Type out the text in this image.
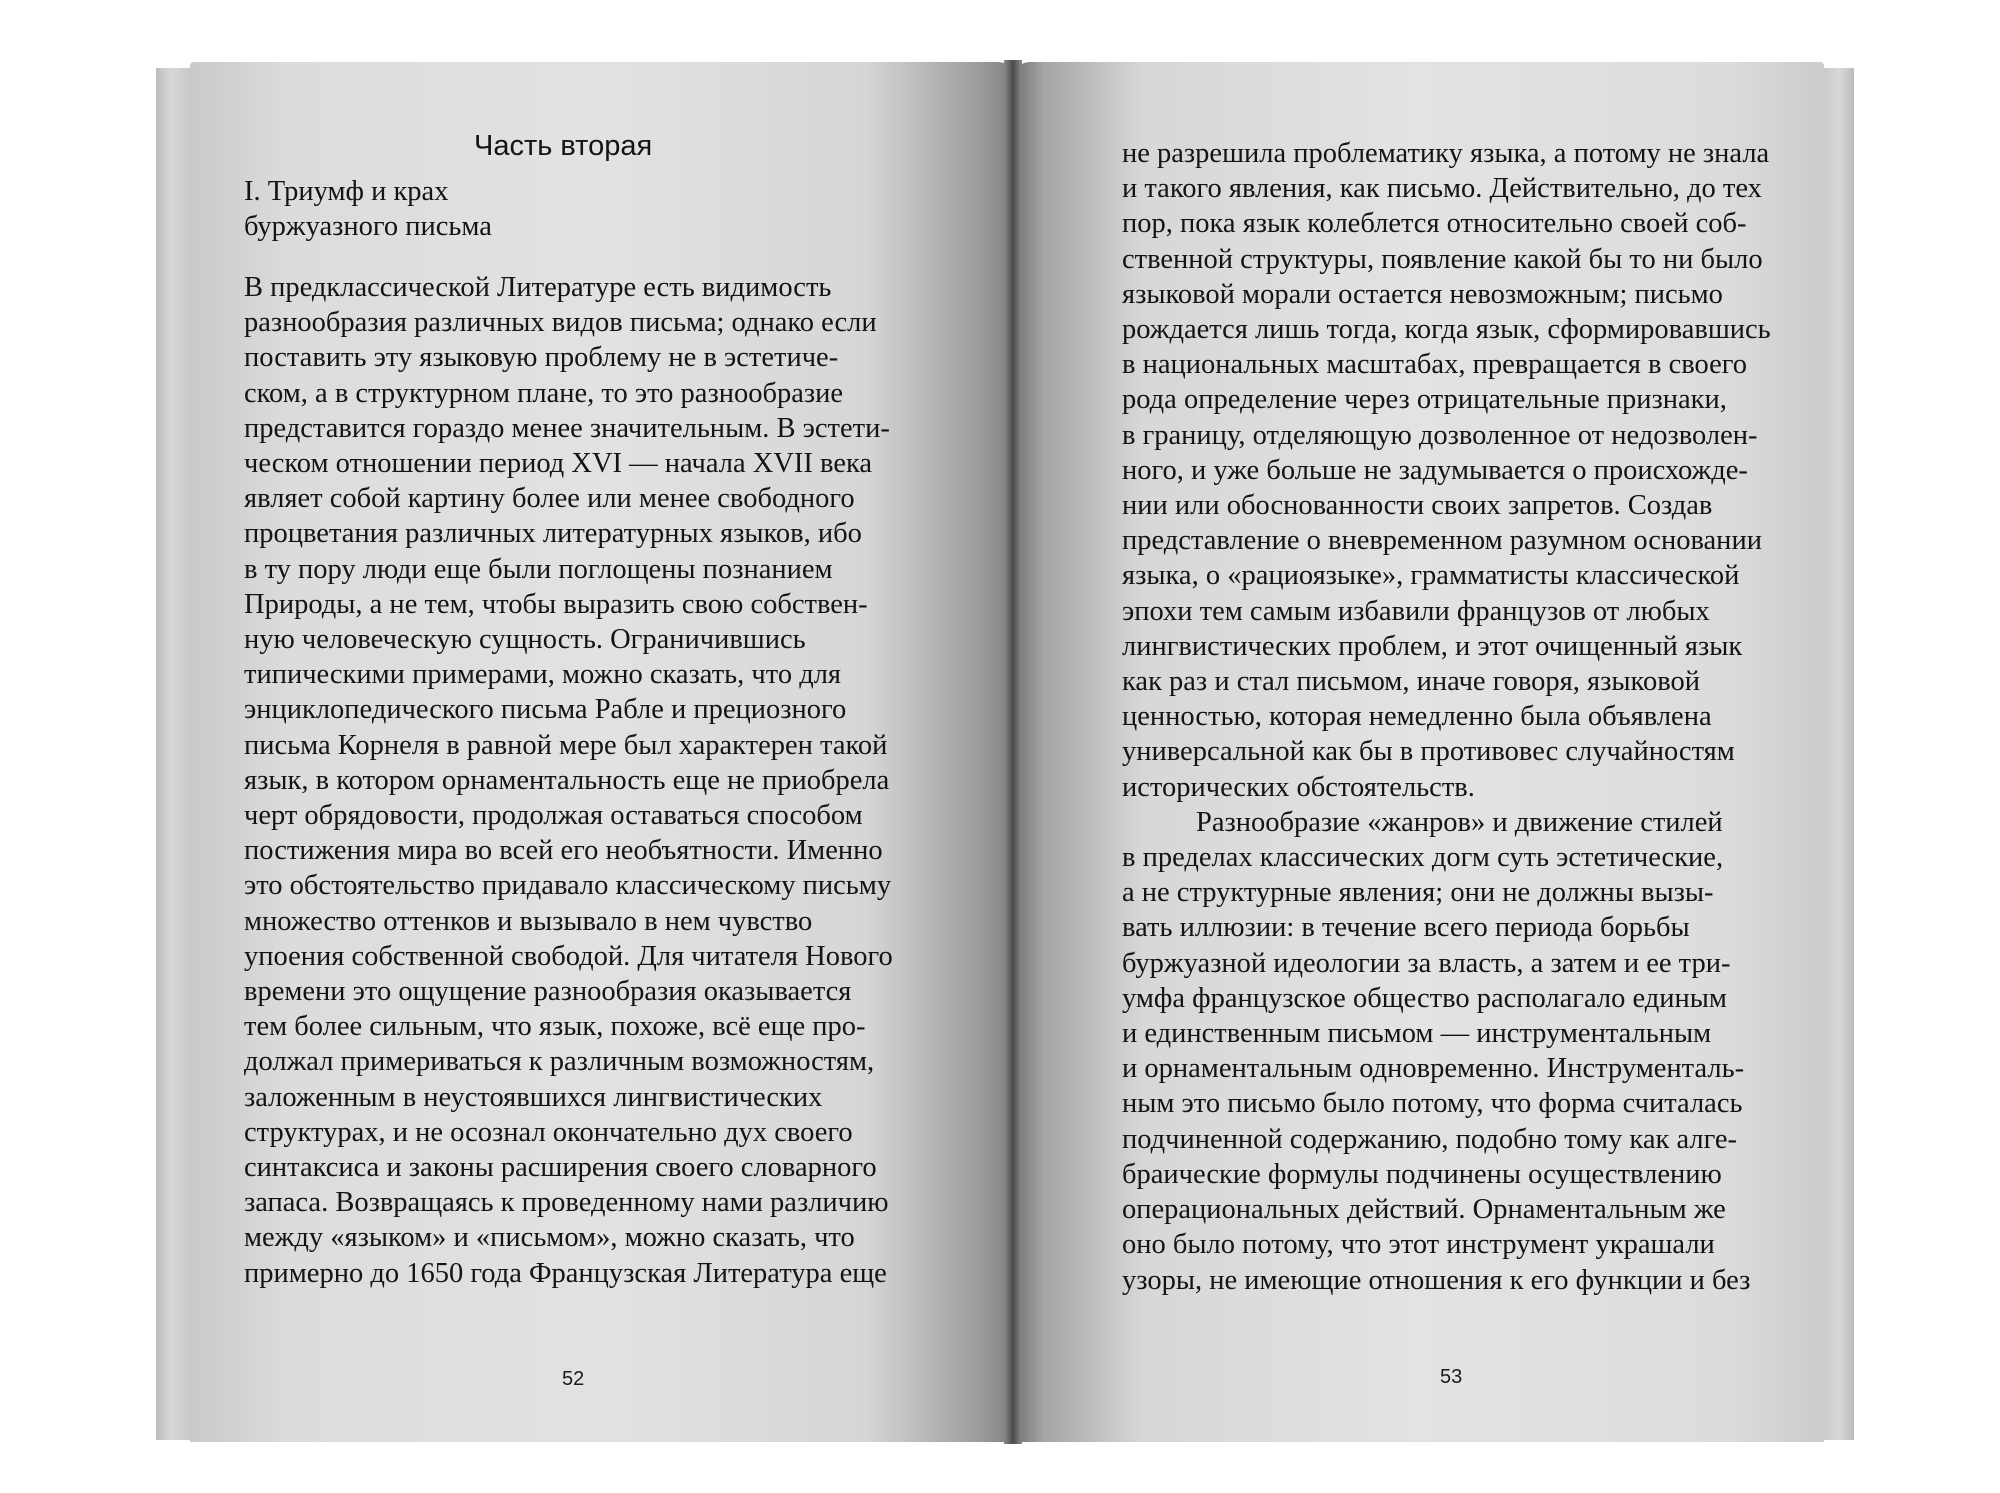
Часть вторая
I. Триумф и крах
буржуазного письма
В предклассической Литературе есть видимость
разнообразия различных видов письма; однако если
поставить эту языковую проблему не в эстетиче-
ском, а в структурном плане, то это разнообразие
представится гораздо менее значительным. В эстети-
ческом отношении период XVI — начала XVII века
являет собой картину более или менее свободного
процветания различных литературных языков, ибо
в ту пору люди еще были поглощены познанием
Природы, а не тем, чтобы выразить свою собствен-
ную человеческую сущность. Ограничившись
типическими примерами, можно сказать, что для
энциклопедического письма Рабле и прециозного
письма Корнеля в равной мере был характерен такой
язык, в котором орнаментальность еще не приобрела
черт обрядовости, продолжая оставаться способом
постижения мира во всей его необъятности. Именно
это обстоятельство придавало классическому письму
множество оттенков и вызывало в нем чувство
упоения собственной свободой. Для читателя Нового
времени это ощущение разнообразия оказывается
тем более сильным, что язык, похоже, всё еще про-
должал примериваться к различным возможностям,
заложенным в неустоявшихся лингвистических
структурах, и не осознал окончательно дух своего
синтаксиса и законы расширения своего словарного
запаса. Возвращаясь к проведенному нами различию
между «языком» и «письмом», можно сказать, что
примерно до 1650 года Французская Литература еще
52
не разрешила проблематику языка, а потому не знала
и такого явления, как письмо. Действительно, до тех
пор, пока язык колеблется относительно своей соб-
ственной структуры, появление какой бы то ни было
языковой морали остается невозможным; письмо
рождается лишь тогда, когда язык, сформировавшись
в национальных масштабах, превращается в своего
рода определение через отрицательные признаки,
в границу, отделяющую дозволенное от недозволен-
ного, и уже больше не задумывается о происхожде-
нии или обоснованности своих запретов. Создав
представление о вневременном разумном основании
языка, о «рациоязыке», грамматисты классической
эпохи тем самым избавили французов от любых
лингвистических проблем, и этот очищенный язык
как раз и стал письмом, иначе говоря, языковой
ценностью, которая немедленно была объявлена
универсальной как бы в противовес случайностям
исторических обстоятельств.
Разнообразие «жанров» и движение стилей
в пределах классических догм суть эстетические,
а не структурные явления; они не должны вызы-
вать иллюзии: в течение всего периода борьбы
буржуазной идеологии за власть, а затем и ее три-
умфа французское общество располагало единым
и единственным письмом — инструментальным
и орнаментальным одновременно. Инструменталь-
ным это письмо было потому, что форма считалась
подчиненной содержанию, подобно тому как алге-
браические формулы подчинены осуществлению
операциональных действий. Орнаментальным же
оно было потому, что этот инструмент украшали
узоры, не имеющие отношения к его функции и без
53
